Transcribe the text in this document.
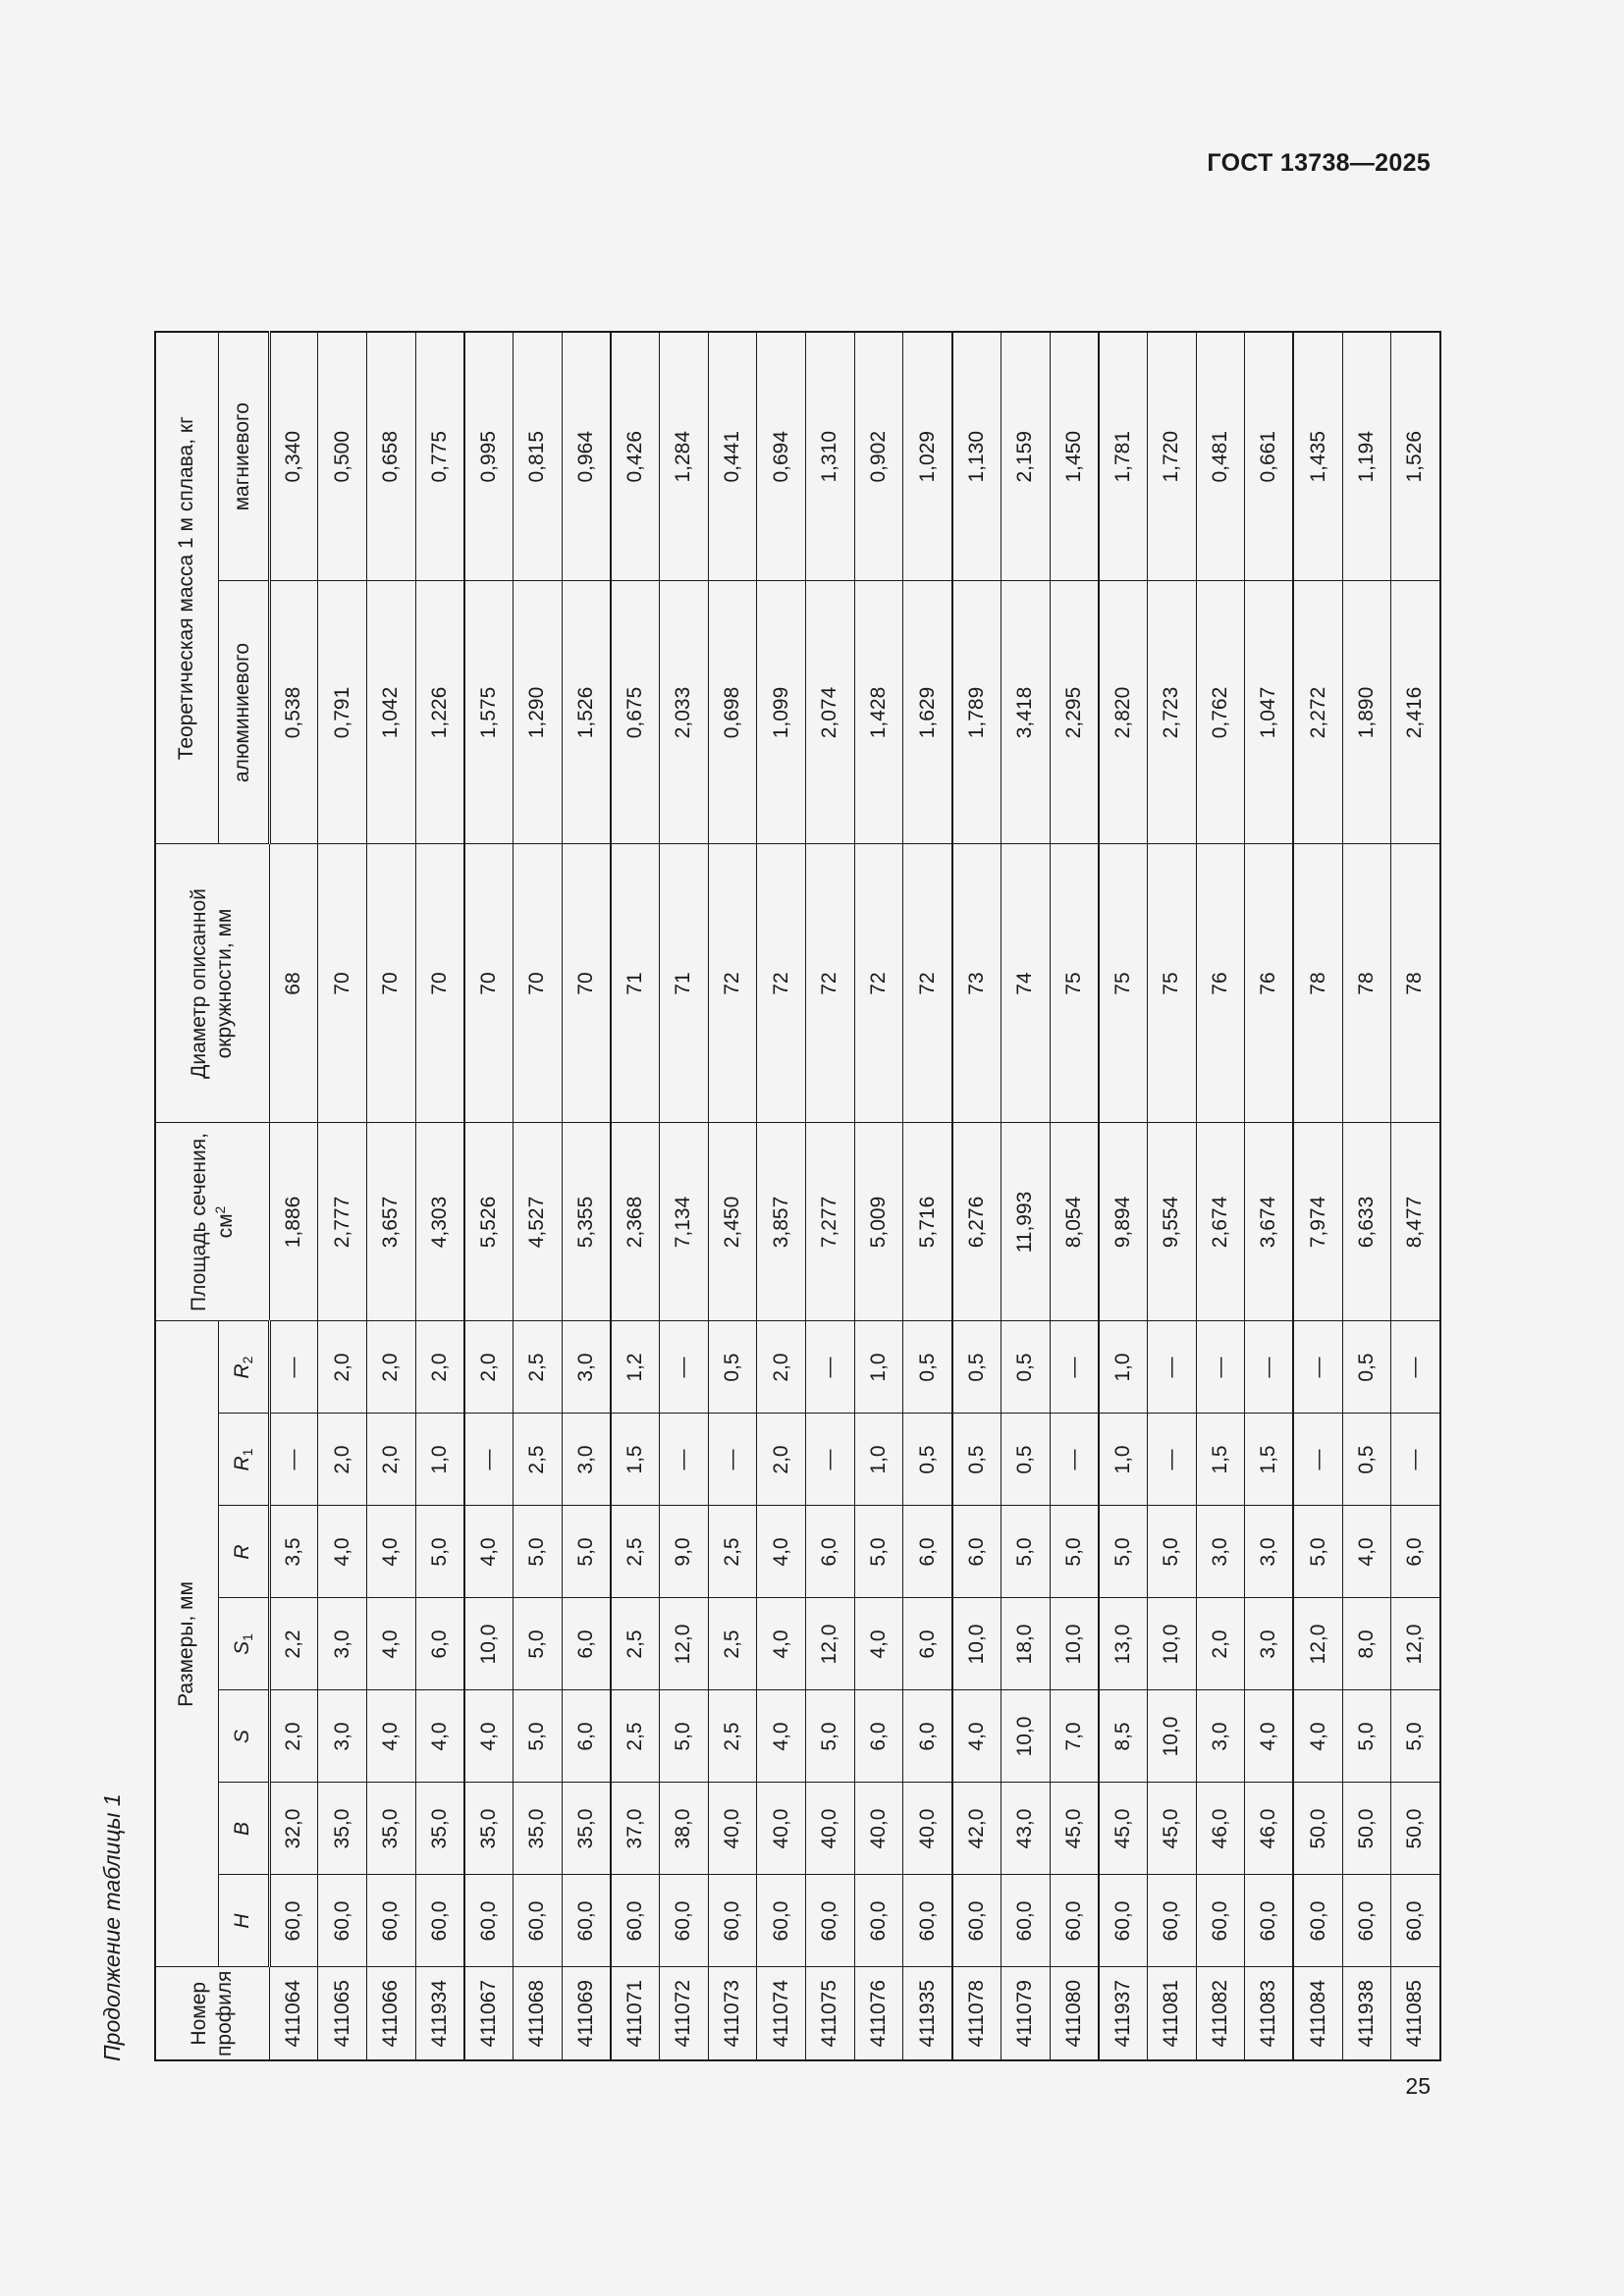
ГОСТ 13738—2025
Продолжение таблицы 1	Номер профиля	Размеры, мм							Площадь сечения, $см^2$	Диаметр описанной окружности, мм	Теоретическая масса 1 м сплава, кг	
	H	B	S	$S_1$	R	$R_1$	$R_2$			алюминиевого	магниевого
411064	60,0	32,0	2,0	2,2	3,5	—	—	1,886	68	0,538	0,340
411065	60,0	35,0	3,0	3,0	4,0	2,0	2,0	2,777	70	0,791	0,500
411066	60,0	35,0	4,0	4,0	4,0	2,0	2,0	3,657	70	1,042	0,658
411934	60,0	35,0	4,0	6,0	5,0	1,0	2,0	4,303	70	1,226	0,775
411067	60,0	35,0	4,0	10,0	4,0	—	2,0	5,526	70	1,575	0,995
411068	60,0	35,0	5,0	5,0	5,0	2,5	2,5	4,527	70	1,290	0,815
411069	60,0	35,0	6,0	6,0	5,0	3,0	3,0	5,355	70	1,526	0,964
411071	60,0	37,0	2,5	2,5	2,5	1,5	1,2	2,368	71	0,675	0,426
411072	60,0	38,0	5,0	12,0	9,0	—	—	7,134	71	2,033	1,284
411073	60,0	40,0	2,5	2,5	2,5	—	0,5	2,450	72	0,698	0,441
411074	60,0	40,0	4,0	4,0	4,0	2,0	2,0	3,857	72	1,099	0,694
411075	60,0	40,0	5,0	12,0	6,0	—	—	7,277	72	2,074	1,310
411076	60,0	40,0	6,0	4,0	5,0	1,0	1,0	5,009	72	1,428	0,902
411935	60,0	40,0	6,0	6,0	6,0	0,5	0,5	5,716	72	1,629	1,029
411078	60,0	42,0	4,0	10,0	6,0	0,5	0,5	6,276	73	1,789	1,130
411079	60,0	43,0	10,0	18,0	5,0	0,5	0,5	11,993	74	3,418	2,159
411080	60,0	45,0	7,0	10,0	5,0	—	—	8,054	75	2,295	1,450
411937	60,0	45,0	8,5	13,0	5,0	1,0	1,0	9,894	75	2,820	1,781
411081	60,0	45,0	10,0	10,0	5,0	—	—	9,554	75	2,723	1,720
411082	60,0	46,0	3,0	2,0	3,0	1,5	—	2,674	76	0,762	0,481
411083	60,0	46,0	4,0	3,0	3,0	1,5	—	3,674	76	1,047	0,661
411084	60,0	50,0	4,0	12,0	5,0	—	—	7,974	78	2,272	1,435
411938	60,0	50,0	5,0	8,0	4,0	0,5	0,5	6,633	78	1,890	1,194
411085	60,0	50,0	5,0	12,0	6,0	—	—	8,477	78	2,416	1,526
25
